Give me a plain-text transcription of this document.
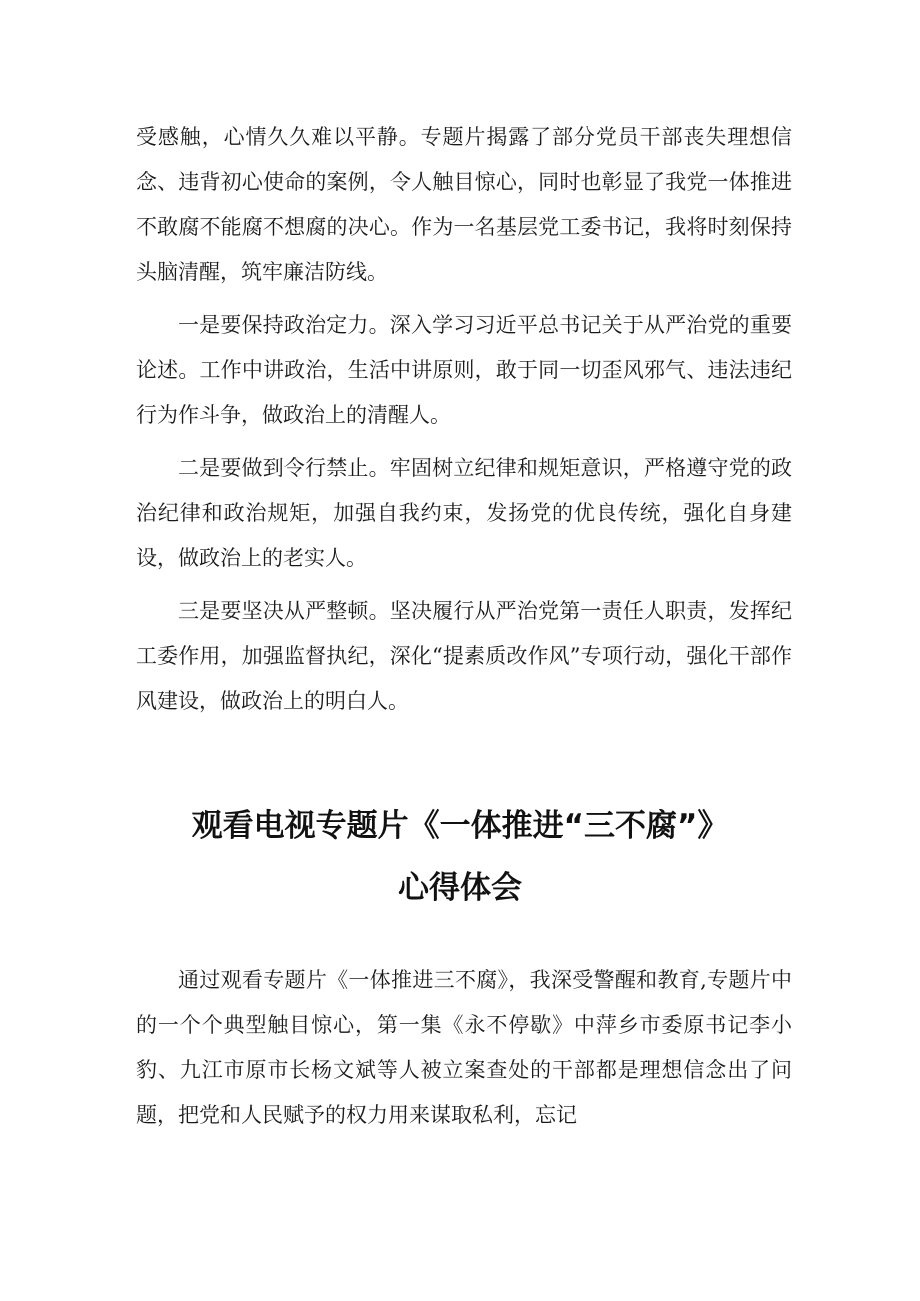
受感触，心情久久难以平静。专题片揭露了部分党员干部丧失理想信念、违背初心使命的案例，令人触目惊心，同时也彰显了我党一体推进不敢腐不能腐不想腐的决心。作为一名基层党工委书记，我将时刻保持头脑清醒，筑牢廉洁防线。

一是要保持政治定力。深入学习习近平总书记关于从严治党的重要论述。工作中讲政治，生活中讲原则，敢于同一切歪风邪气、违法违纪行为作斗争，做政治上的清醒人。

二是要做到令行禁止。牢固树立纪律和规矩意识，严格遵守党的政治纪律和政治规矩，加强自我约束，发扬党的优良传统，强化自身建设，做政治上的老实人。

三是要坚决从严整顿。坚决履行从严治党第一责任人职责，发挥纪工委作用，加强监督执纪，深化“提素质改作风”专项行动，强化干部作风建设，做政治上的明白人。

观看电视专题片《一体推进“三不腐”》
心得体会

通过观看专题片《一体推进三不腐》，我深受警醒和教育,专题片中的一个个典型触目惊心，第一集《永不停歇》中萍乡市委原书记李小豹、九江市原市长杨文斌等人被立案查处的干部都是理想信念出了问题，把党和人民赋予的权力用来谋取私利，忘记
